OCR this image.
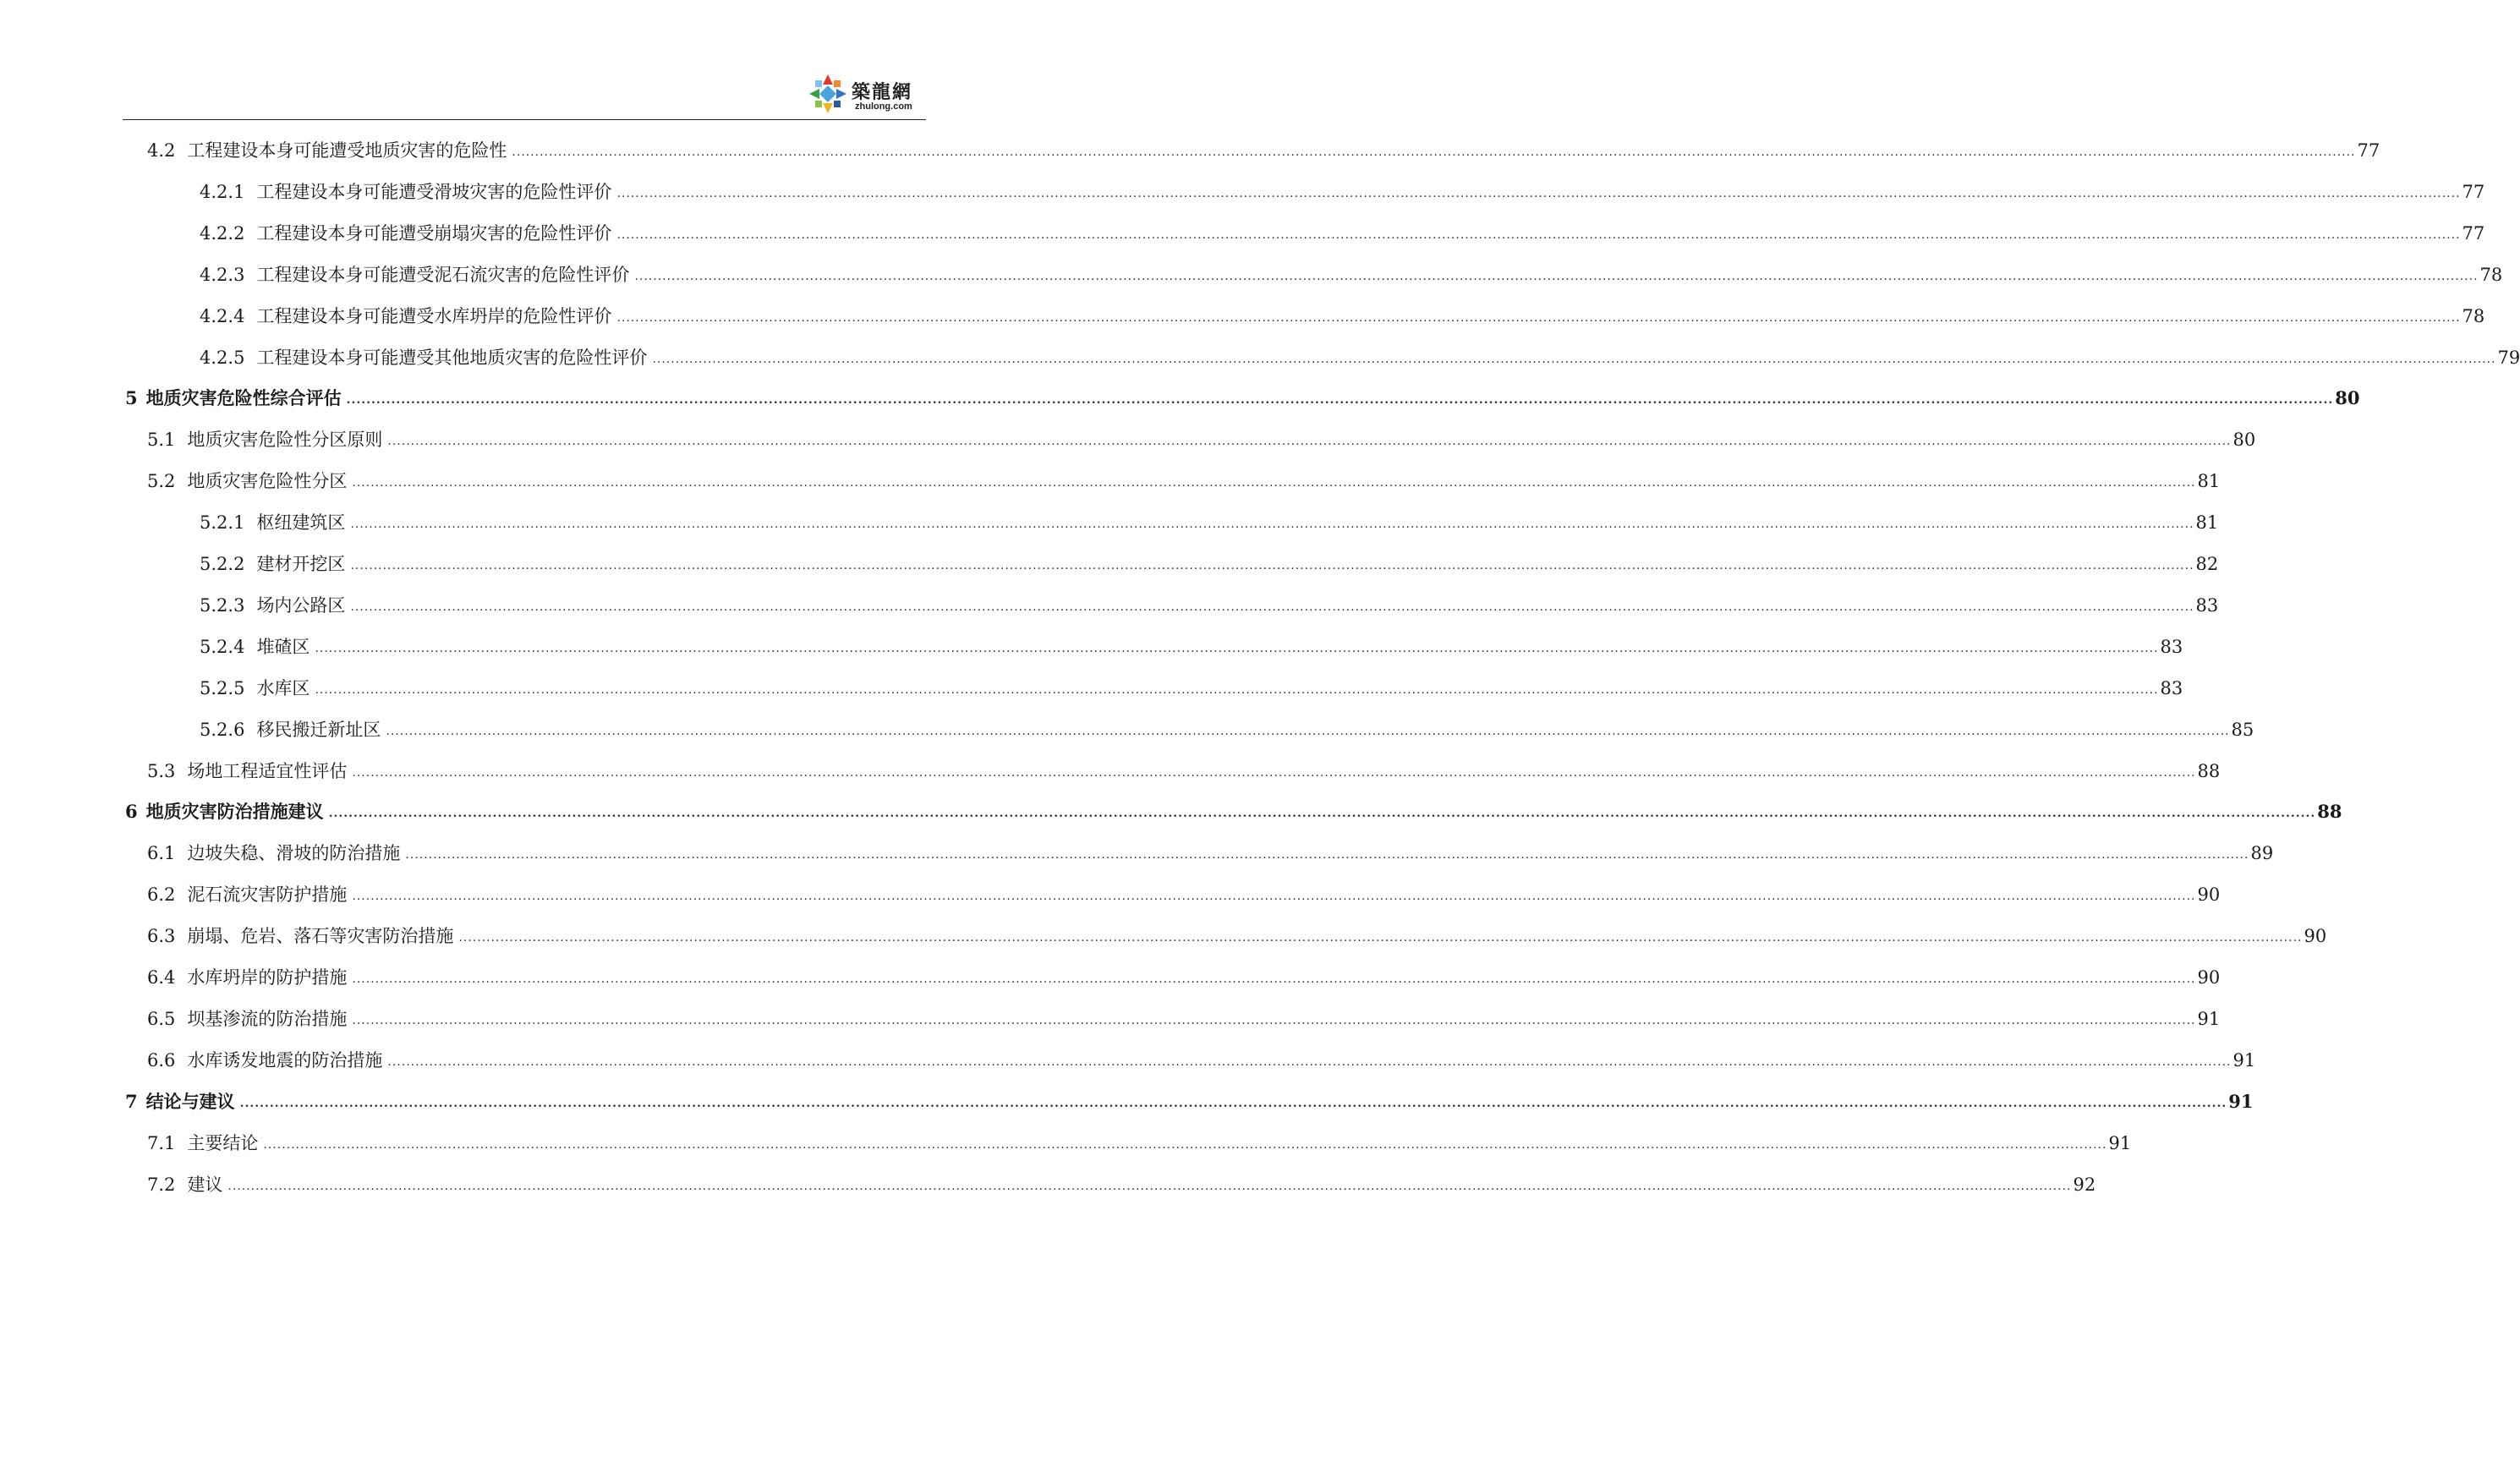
築龍網
zhulong.com
4.2 工程建设本身可能遭受地质灾害的危险性 ................................................................................................................................................................................................................................................................................................................................................................................................................ 77
4.2.1 工程建设本身可能遭受滑坡灾害的危险性评价 ................................................................................................................................................................................................................................................................................................................................................................................................................ 77
4.2.2 工程建设本身可能遭受崩塌灾害的危险性评价 ................................................................................................................................................................................................................................................................................................................................................................................................................ 77
4.2.3 工程建设本身可能遭受泥石流灾害的危险性评价 ................................................................................................................................................................................................................................................................................................................................................................................................................ 78
4.2.4 工程建设本身可能遭受水库坍岸的危险性评价 ................................................................................................................................................................................................................................................................................................................................................................................................................ 78
4.2.5 工程建设本身可能遭受其他地质灾害的危险性评价 ................................................................................................................................................................................................................................................................................................................................................................................................................ 79
5 地质灾害危险性综合评估 ................................................................................................................................................................................................................................................................................................................................................................................................................ 80
5.1 地质灾害危险性分区原则 ................................................................................................................................................................................................................................................................................................................................................................................................................ 80
5.2 地质灾害危险性分区 ................................................................................................................................................................................................................................................................................................................................................................................................................ 81
5.2.1 枢纽建筑区 ................................................................................................................................................................................................................................................................................................................................................................................................................ 81
5.2.2 建材开挖区 ................................................................................................................................................................................................................................................................................................................................................................................................................ 82
5.2.3 场内公路区 ................................................................................................................................................................................................................................................................................................................................................................................................................ 83
5.2.4 堆碴区 ................................................................................................................................................................................................................................................................................................................................................................................................................ 83
5.2.5 水库区 ................................................................................................................................................................................................................................................................................................................................................................................................................ 83
5.2.6 移民搬迁新址区 ................................................................................................................................................................................................................................................................................................................................................................................................................ 85
5.3 场地工程适宜性评估 ................................................................................................................................................................................................................................................................................................................................................................................................................ 88
6 地质灾害防治措施建议 ................................................................................................................................................................................................................................................................................................................................................................................................................ 88
6.1 边坡失稳、滑坡的防治措施 ................................................................................................................................................................................................................................................................................................................................................................................................................ 89
6.2 泥石流灾害防护措施 ................................................................................................................................................................................................................................................................................................................................................................................................................ 90
6.3 崩塌、危岩、落石等灾害防治措施 ................................................................................................................................................................................................................................................................................................................................................................................................................ 90
6.4 水库坍岸的防护措施 ................................................................................................................................................................................................................................................................................................................................................................................................................ 90
6.5 坝基渗流的防治措施 ................................................................................................................................................................................................................................................................................................................................................................................................................ 91
6.6 水库诱发地震的防治措施 ................................................................................................................................................................................................................................................................................................................................................................................................................ 91
7 结论与建议 ................................................................................................................................................................................................................................................................................................................................................................................................................ 91
7.1 主要结论 ................................................................................................................................................................................................................................................................................................................................................................................................................ 91
7.2 建议 ................................................................................................................................................................................................................................................................................................................................................................................................................ 92
